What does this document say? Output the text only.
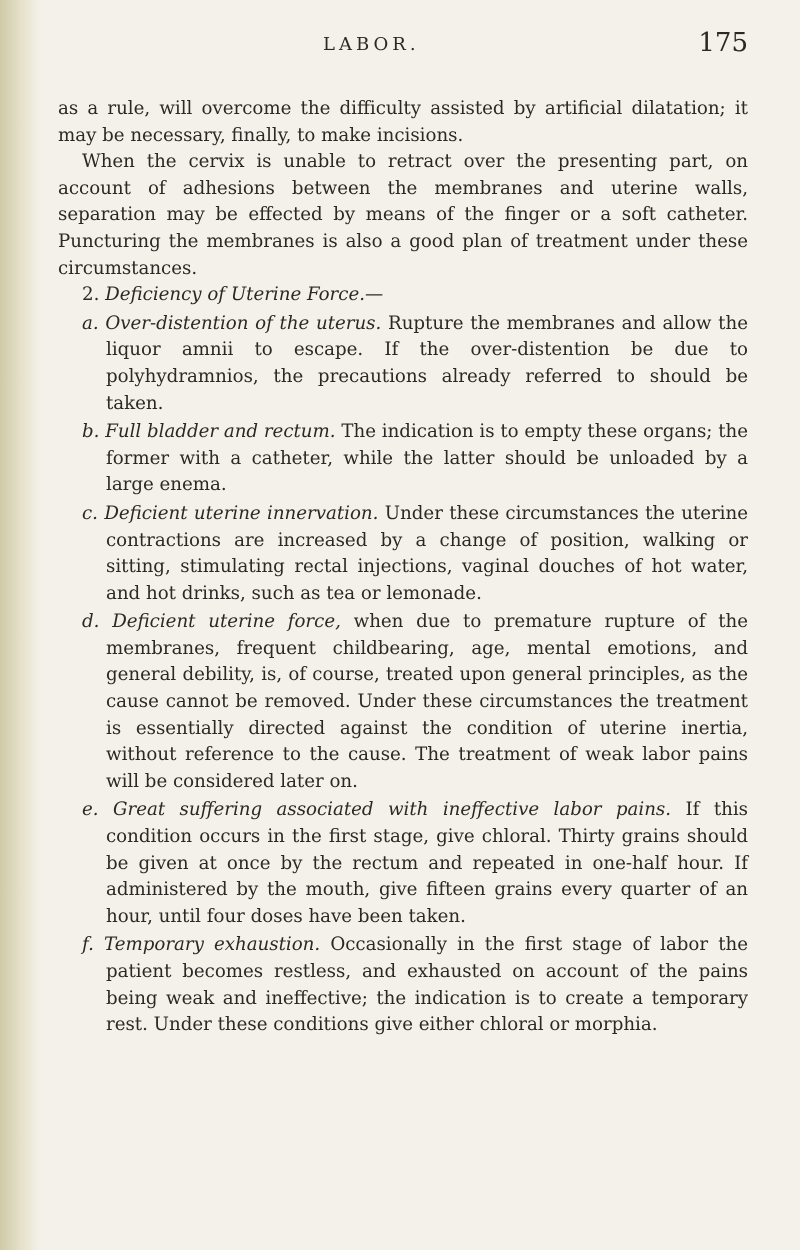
LABOR.	175

as a rule, will overcome the difficulty assisted by artificial dilatation; it may be necessary, finally, to make incisions.

When the cervix is unable to retract over the presenting part, on account of adhesions between the membranes and uterine walls, separation may be effected by means of the finger or a soft catheter. Puncturing the membranes is also a good plan of treatment under these circumstances.

2. Deficiency of Uterine Force.—

a. Over-distention of the uterus. Rupture the membranes and allow the liquor amnii to escape. If the over-distention be due to polyhydramnios, the precautions already referred to should be taken.

b. Full bladder and rectum. The indication is to empty these organs; the former with a catheter, while the latter should be unloaded by a large enema.

c. Deficient uterine innervation. Under these circumstances the uterine contractions are increased by a change of position, walking or sitting, stimulating rectal injections, vaginal douches of hot water, and hot drinks, such as tea or lemonade.

d. Deficient uterine force, when due to premature rupture of the membranes, frequent childbearing, age, mental emotions, and general debility, is, of course, treated upon general principles, as the cause cannot be removed. Under these circumstances the treatment is essentially directed against the condition of uterine inertia, without reference to the cause. The treatment of weak labor pains will be considered later on.

e. Great suffering associated with ineffective labor pains. If this condition occurs in the first stage, give chloral. Thirty grains should be given at once by the rectum and repeated in one-half hour. If administered by the mouth, give fifteen grains every quarter of an hour, until four doses have been taken.

f. Temporary exhaustion. Occasionally in the first stage of labor the patient becomes restless, and exhausted on account of the pains being weak and ineffective; the indication is to create a temporary rest. Under these conditions give either chloral or morphia.
